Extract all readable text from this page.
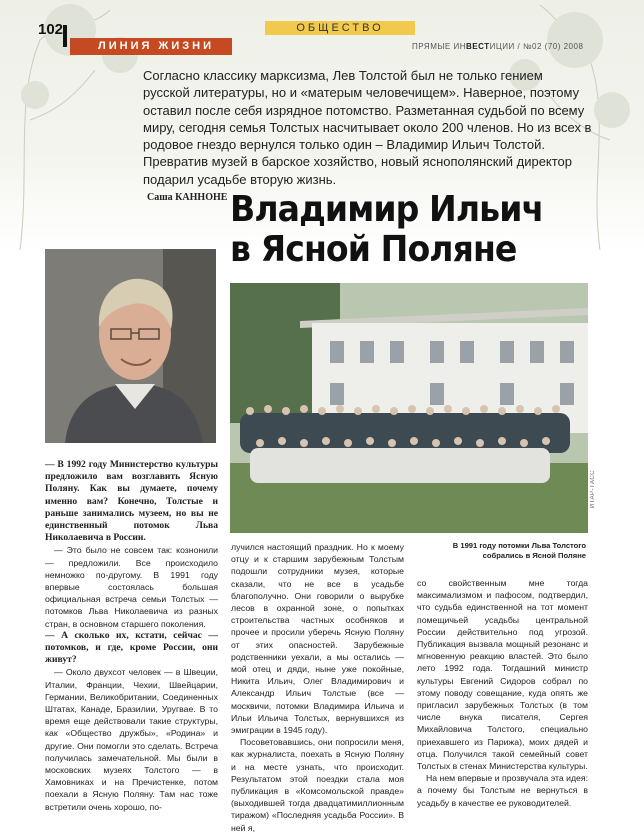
102	ОБЩЕСТВО
ЛИНИЯ ЖИЗНИ	ПРЯМЫЕ ИНВЕСТИЦИИ / №02 (70) 2008

Согласно классику марксизма, Лев Толстой был не только гением русской литературы, но и «матерым человечищем». Наверное, поэтому оставил после себя изрядное потомство. Разметанная судьбой по всему миру, сегодня семья Толстых насчитывает около 200 членов. Но из всех в родовое гнездо вернулся только один – Владимир Ильич Толстой. Превратив музей в барское хозяйство, новый яснополянский директор подарил усадьбе вторую жизнь.

Саша КАННОНЕ Владимир Ильич
в Ясной Поляне
ИТАР-ТАСС

В 1991 году потомки Льва Толстого собрались в Ясной Поляне

— В 1992 году Министерство культуры предложило вам возглавить Ясную Поляну. Как вы думаете, почему именно вам? Конечно, Толстые и раньше занимались музеем, но вы не единственный потомок Льва Николаевича в России.

— Это было не совсем так: кознонили — предложили. Все происходило немножко по-другому. В 1991 году впервые состоялась большая официальная встреча семьи Толстых — потомков Льва Николаевича из разных стран, в основном старшего поколения.

— А сколько их, кстати, сейчас — потомков, и где, кроме России, они живут?

— Около двухсот человек — в Швеции, Италии, Франции, Чехии, Швейцарии, Германии, Великобритании, Соединенных Штатах, Канаде, Бразилии, Уругвае. В то время еще действовали такие структуры, как «Общество дружбы», «Родина» и другие. Они помогли это сделать. Встреча получилась замечательной. Мы были в московских музеях Толстого — в Хамовниках и на Пречистенке, потом поехали в Ясную Поляну. Там нас тоже встретили очень хорошо, по-

лучился настоящий праздник. Но к моему отцу и к старшим зарубежным Толстым подошли сотрудники музея, которые сказали, что не все в усадьбе благополучно. Они говорили о вырубке лесов в охранной зоне, о попытках строительства частных особняков и прочее и просили уберечь Ясную Поляну от этих опасностей. Зарубежные родственники уехали, а мы остались — мой отец и дяди, ныне уже покойные, Никита Ильич, Олег Владимирович и Александр Ильич Толстые (все — москвичи, потомки Владимира Ильича и Ильи Ильича Толстых, вернувшихся из эмиграции в 1945 году).

Посоветовавшись, они попросили меня, как журналиста, поехать в Ясную Поляну и на месте узнать, что происходит. Результатом этой поездки стала моя публикация в «Комсомольской правде» (выходившей тогда двадцатимиллионным тиражом) «Последняя усадьба России». В ней я,

со свойственным мне тогда максимализмом и пафосом, подтвердил, что судьба единственной на тот момент помещичьей усадьбы центральной России действительно под угрозой. Публикация вызвала мощный резонанс и мгновенную реакцию властей. Это было лето 1992 года. Тогдашний министр культуры Евгений Сидоров собрал по этому поводу совещание, куда опять же пригласил зарубежных Толстых (в том числе внука писателя, Сергея Михайловича Толстого, специально приехавшего из Парижа), моих дядей и отца. Получился такой семейный совет Толстых в стенах Министерства культуры.

На нем впервые и прозвучала эта идея: а почему бы Толстым не вернуться в усадьбу в качестве ее руководителей.
